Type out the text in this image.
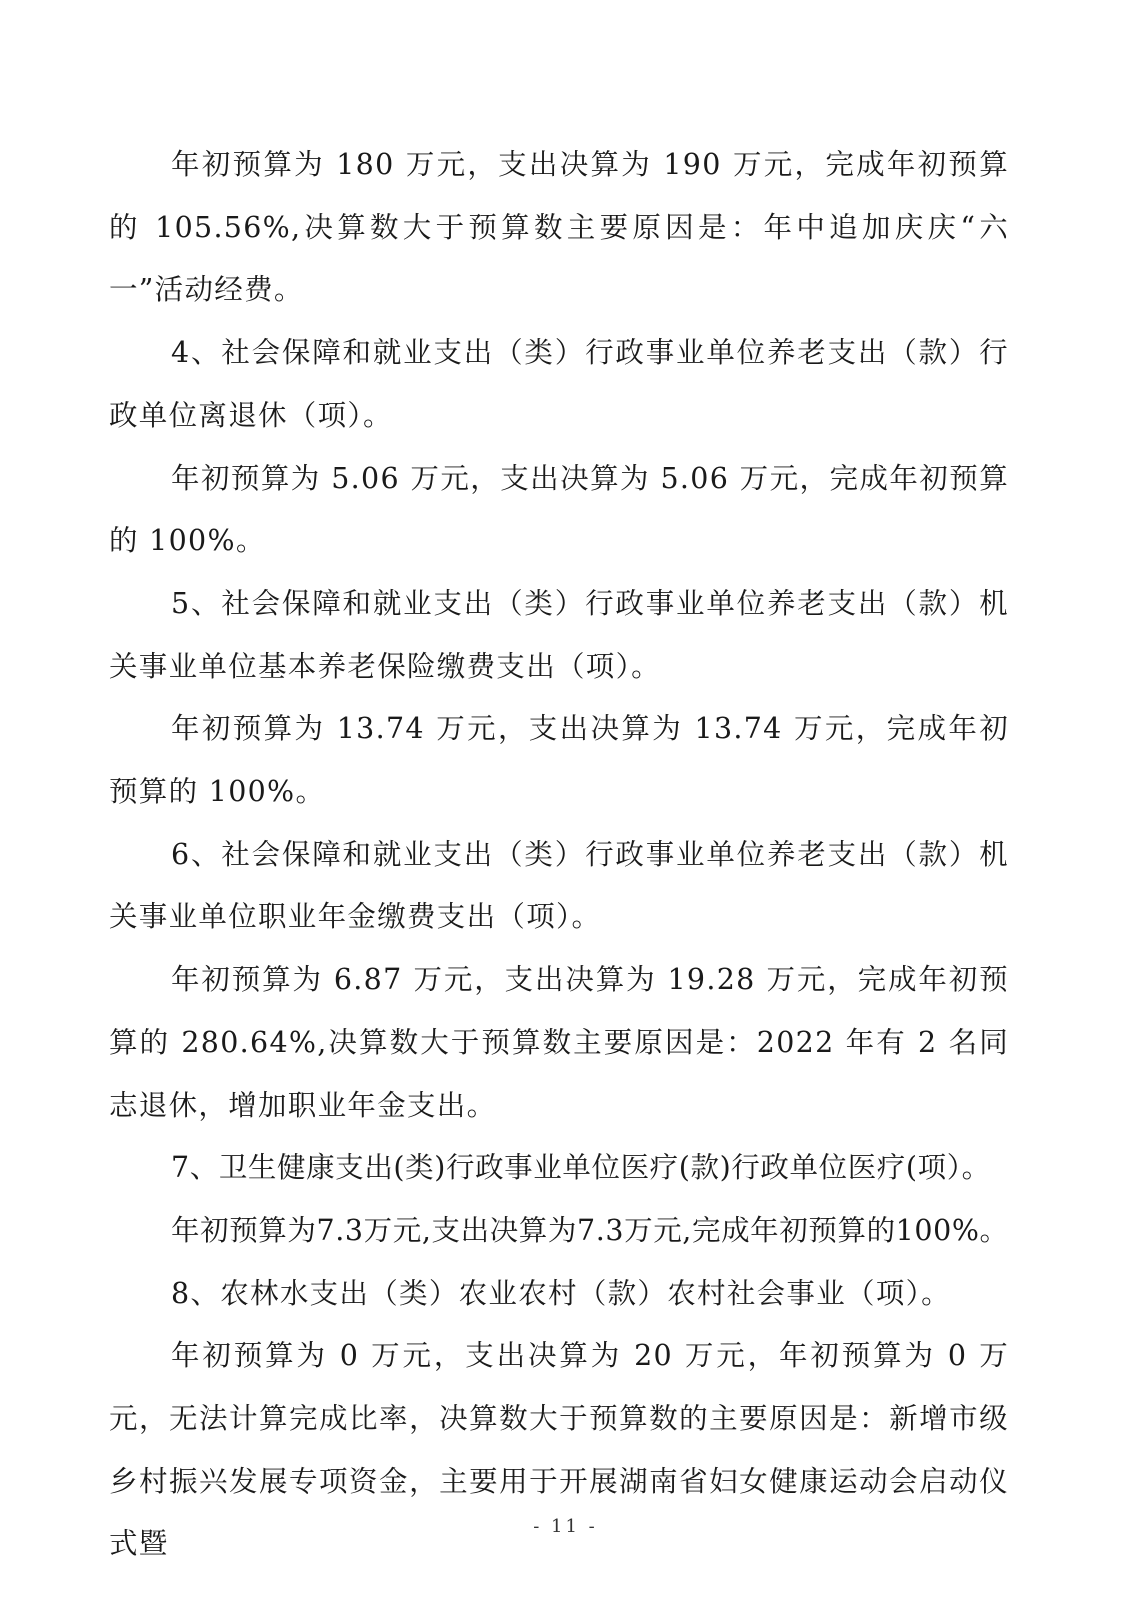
年初预算为 180 万元，支出决算为 190 万元，完成年初预算的 105.56%,决算数大于预算数主要原因是：年中追加庆庆“六一”活动经费。

4、社会保障和就业支出（类）行政事业单位养老支出（款）行政单位离退休（项）。

年初预算为 5.06 万元，支出决算为 5.06 万元，完成年初预算的 100%。

5、社会保障和就业支出（类）行政事业单位养老支出（款）机关事业单位基本养老保险缴费支出（项）。

年初预算为 13.74 万元，支出决算为 13.74 万元，完成年初预算的 100%。

6、社会保障和就业支出（类）行政事业单位养老支出（款）机关事业单位职业年金缴费支出（项）。

年初预算为 6.87 万元，支出决算为 19.28 万元，完成年初预算的 280.64%,决算数大于预算数主要原因是：2022 年有 2 名同志退休，增加职业年金支出。

7、卫生健康支出(类)行政事业单位医疗(款)行政单位医疗(项）。

年初预算为7.3万元,支出决算为7.3万元,完成年初预算的100%。

8、农林水支出（类）农业农村（款）农村社会事业（项）。

年初预算为 0 万元，支出决算为 20 万元，年初预算为 0 万元，无法计算完成比率，决算数大于预算数的主要原因是：新增市级乡村振兴发展专项资金，主要用于开展湖南省妇女健康运动会启动仪式暨

- 11 -
